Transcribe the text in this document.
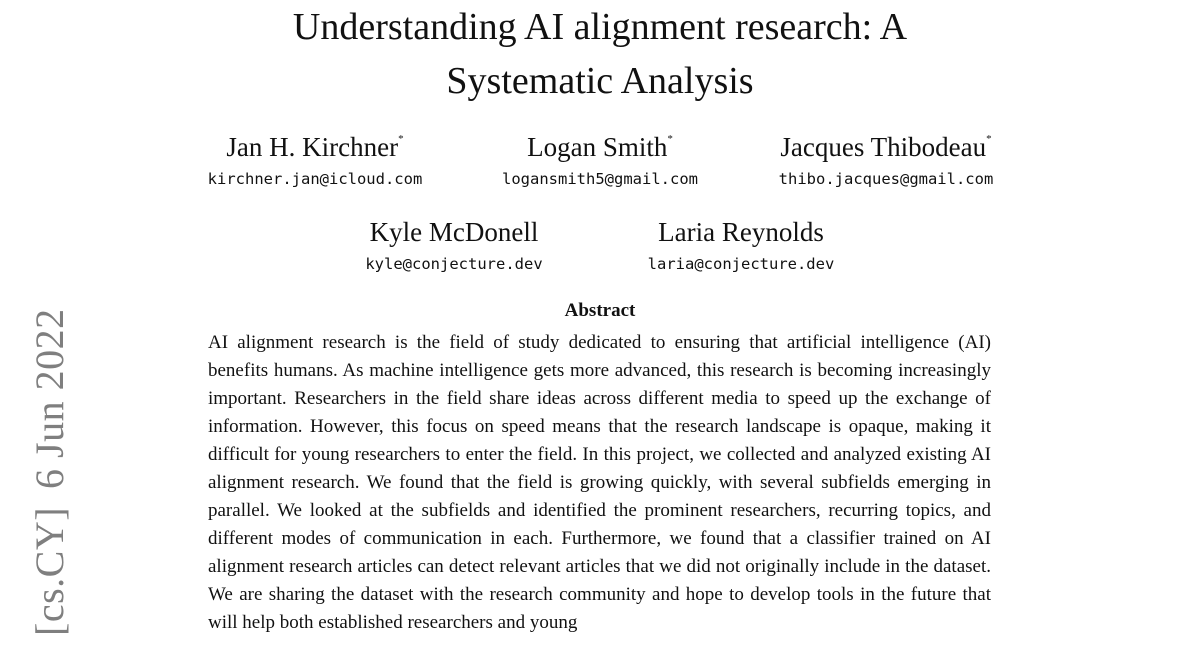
Understanding AI alignment research: A
Systematic Analysis
Jan H. Kirchner*
kirchner.jan@icloud.com
Logan Smith*
logansmith5@gmail.com
Jacques Thibodeau*
thibo.jacques@gmail.com
Kyle McDonell
kyle@conjecture.dev
Laria Reynolds
laria@conjecture.dev
Abstract

AI alignment research is the field of study dedicated to ensuring that artificial intelligence (AI) benefits humans. As machine intelligence gets more advanced, this research is becoming increasingly important. Researchers in the field share ideas across different media to speed up the exchange of information. However, this focus on speed means that the research landscape is opaque, making it difficult for young researchers to enter the field. In this project, we collected and analyzed existing AI alignment research. We found that the field is growing quickly, with several subfields emerging in parallel. We looked at the subfields and identified the prominent researchers, recurring topics, and different modes of communication in each. Furthermore, we found that a classifier trained on AI alignment research articles can detect relevant articles that we did not originally include in the dataset. We are sharing the dataset with the research community and hope to develop tools in the future that will help both established researchers and young

[cs.CY]6 Jun 2022
